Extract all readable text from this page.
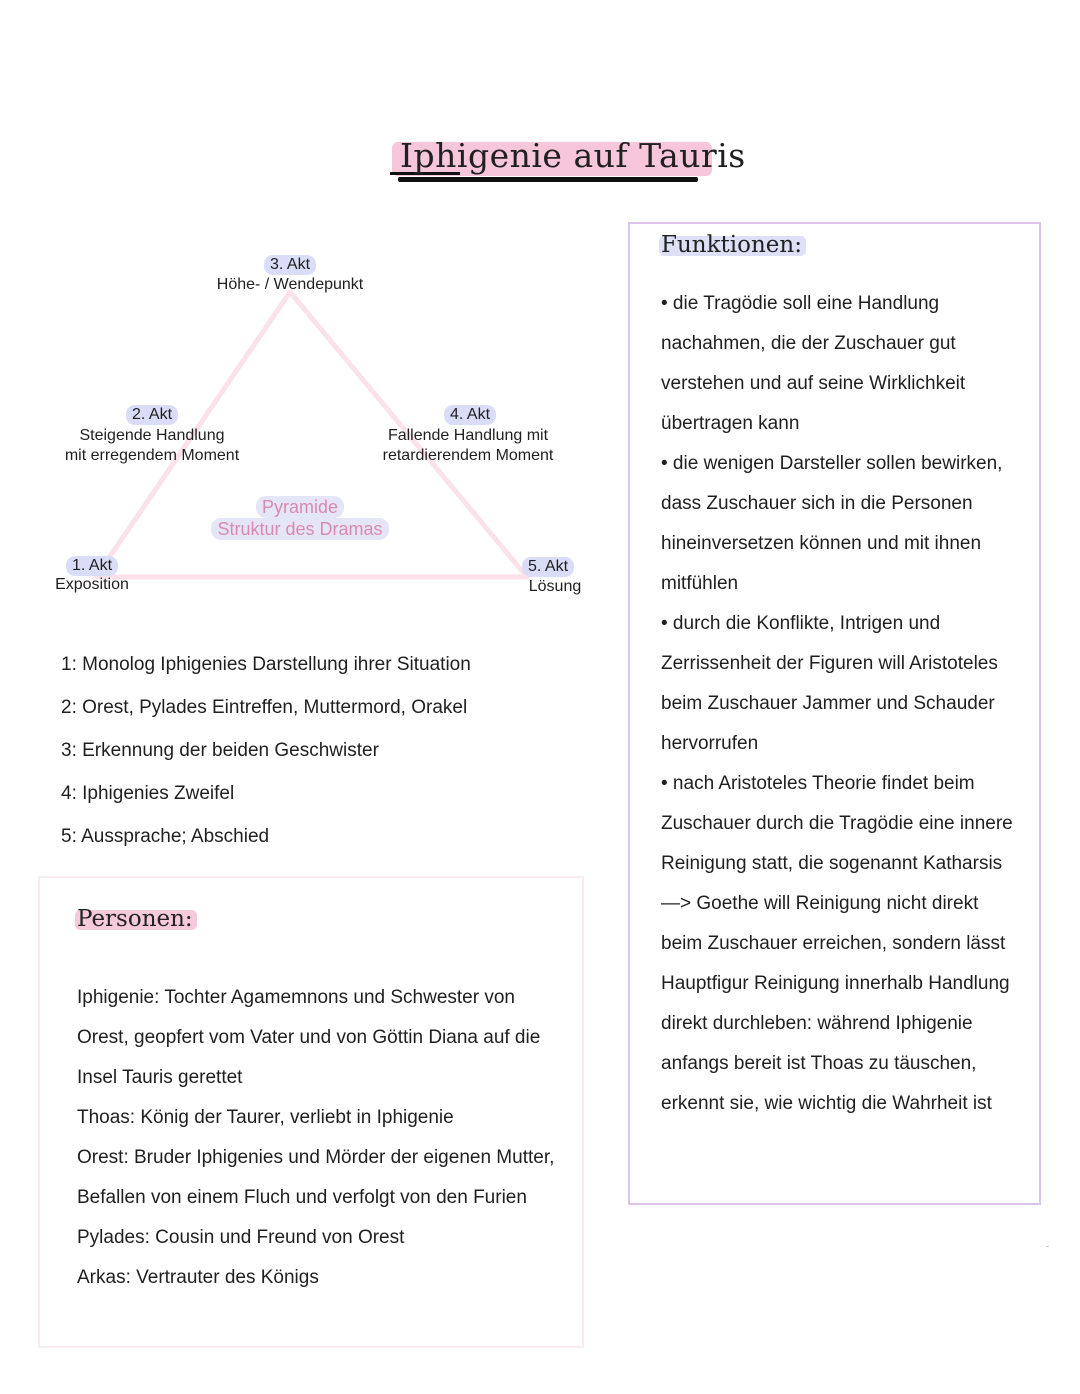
Iphigenie auf Tauris
3. Akt
Höhe- / Wendepunkt
2. Akt
Steigende Handlung
mit erregendem Moment
4. Akt
Fallende Handlung mit
retardierendem Moment
1. Akt
Exposition
5. Akt
Lösung
Pyramide
Struktur des Dramas
1: Monolog Iphigenies Darstellung ihrer Situation
2: Orest, Pylades Eintreffen, Muttermord, Orakel
3: Erkennung der beiden Geschwister
4: Iphigenies Zweifel
5: Aussprache; Abschied
Personen:

Iphigenie: Tochter Agamemnons und Schwester von Orest, geopfert vom Vater und von Göttin Diana auf die Insel Tauris gerettet

Thoas: König der Taurer, verliebt in Iphigenie

Orest: Bruder Iphigenies und Mörder der eigenen Mutter, Befallen von einem Fluch und verfolgt von den Furien

Pylades: Cousin und Freund von Orest

Arkas: Vertrauter des Königs

Funktionen:

• die Tragödie soll eine Handlung nachahmen, die der Zuschauer gut verstehen und auf seine Wirklichkeit übertragen kann

• die wenigen Darsteller sollen bewirken, dass Zuschauer sich in die Personen hineinversetzen können und mit ihnen mitfühlen

• durch die Konflikte, Intrigen und Zerrissenheit der Figuren will Aristoteles beim Zuschauer Jammer und Schauder hervorrufen

• nach Aristoteles Theorie findet beim Zuschauer durch die Tragödie eine innere Reinigung statt, die sogenannt Katharsis

—> Goethe will Reinigung nicht direkt beim Zuschauer erreichen, sondern lässt Hauptfigur Reinigung innerhalb Handlung direkt durchleben: während Iphigenie anfangs bereit ist Thoas zu täuschen, erkennt sie, wie wichtig die Wahrheit ist
